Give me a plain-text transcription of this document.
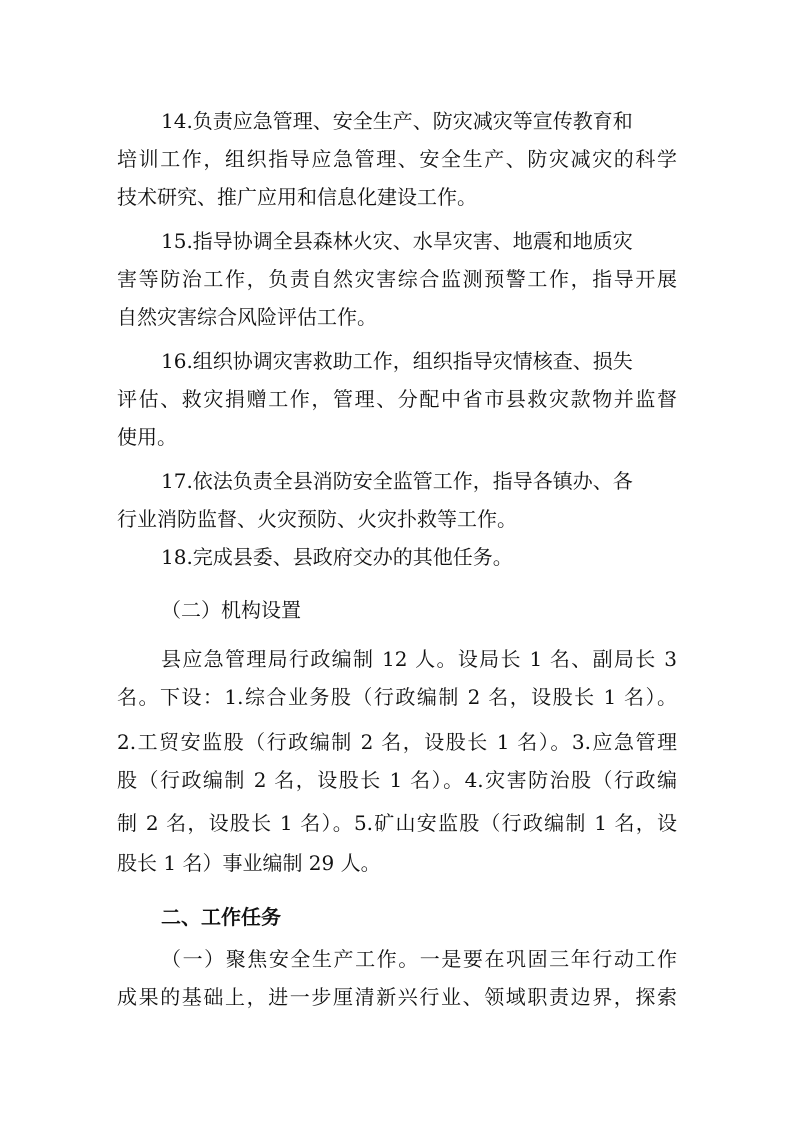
14.负责应急管理、安全生产、防灾减灾等宣传教育和
培训工作，组织指导应急管理、安全生产、防灾减灾的科学
技术研究、推广应用和信息化建设工作。
15.指导协调全县森林火灾、水旱灾害、地震和地质灾
害等防治工作，负责自然灾害综合监测预警工作，指导开展
自然灾害综合风险评估工作。
16.组织协调灾害救助工作，组织指导灾情核查、损失
评估、救灾捐赠工作，管理、分配中省市县救灾款物并监督
使用。
17.依法负责全县消防安全监管工作，指导各镇办、各
行业消防监督、火灾预防、火灾扑救等工作。
18.完成县委、县政府交办的其他任务。
（二）机构设置
县应急管理局行政编制 12 人。设局长 1 名、副局长 3
名。下设：1.综合业务股（行政编制 2 名，设股长 1 名）。
2.工贸安监股（行政编制 2 名，设股长 1 名）。3.应急管理
股（行政编制 2 名，设股长 1 名）。4.灾害防治股（行政编
制 2 名，设股长 1 名）。5.矿山安监股（行政编制 1 名，设
股长 1 名）事业编制 29 人。
二、工作任务
（一）聚焦安全生产工作。一是要在巩固三年行动工作
成果的基础上，进一步厘清新兴行业、领域职责边界，探索
